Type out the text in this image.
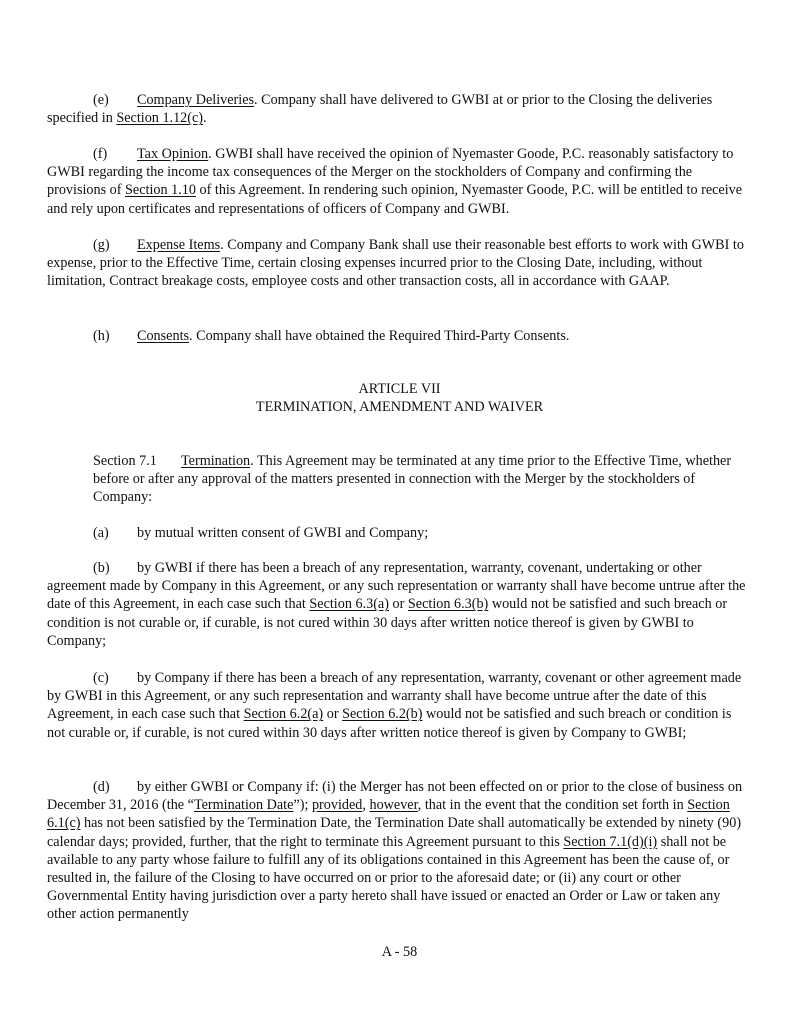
(e) Company Deliveries. Company shall have delivered to GWBI at or prior to the Closing the deliveries specified in Section 1.12(c).

(f) Tax Opinion. GWBI shall have received the opinion of Nyemaster Goode, P.C. reasonably satisfactory to GWBI regarding the income tax consequences of the Merger on the stockholders of Company and confirming the provisions of Section 1.10 of this Agreement. In rendering such opinion, Nyemaster Goode, P.C. will be entitled to receive and rely upon certificates and representations of officers of Company and GWBI.

(g) Expense Items. Company and Company Bank shall use their reasonable best efforts to work with GWBI to expense, prior to the Effective Time, certain closing expenses incurred prior to the Closing Date, including, without limitation, Contract breakage costs, employee costs and other transaction costs, all in accordance with GAAP.

(h) Consents. Company shall have obtained the Required Third-Party Consents.

ARTICLE VII
TERMINATION, AMENDMENT AND WAIVER
Section 7.1 Termination. This Agreement may be terminated at any time prior to the Effective Time, whether before or after any approval of the matters presented in connection with the Merger by the stockholders of Company:

(a) by mutual written consent of GWBI and Company;

(b) by GWBI if there has been a breach of any representation, warranty, covenant, undertaking or other agreement made by Company in this Agreement, or any such representation or warranty shall have become untrue after the date of this Agreement, in each case such that Section 6.3(a) or Section 6.3(b) would not be satisfied and such breach or condition is not curable or, if curable, is not cured within 30 days after written notice thereof is given by GWBI to Company;

(c) by Company if there has been a breach of any representation, warranty, covenant or other agreement made by GWBI in this Agreement, or any such representation and warranty shall have become untrue after the date of this Agreement, in each case such that Section 6.2(a) or Section 6.2(b) would not be satisfied and such breach or condition is not curable or, if curable, is not cured within 30 days after written notice thereof is given by Company to GWBI;

(d) by either GWBI or Company if: (i) the Merger has not been effected on or prior to the close of business on December 31, 2016 (the “Termination Date”); provided, however, that in the event that the condition set forth in Section 6.1(c) has not been satisfied by the Termination Date, the Termination Date shall automatically be extended by ninety (90) calendar days; provided, further, that the right to terminate this Agreement pursuant to this Section 7.1(d)(i) shall not be available to any party whose failure to fulfill any of its obligations contained in this Agreement has been the cause of, or resulted in, the failure of the Closing to have occurred on or prior to the aforesaid date; or (ii) any court or other Governmental Entity having jurisdiction over a party hereto shall have issued or enacted an Order or Law or taken any other action permanently

A - 58
